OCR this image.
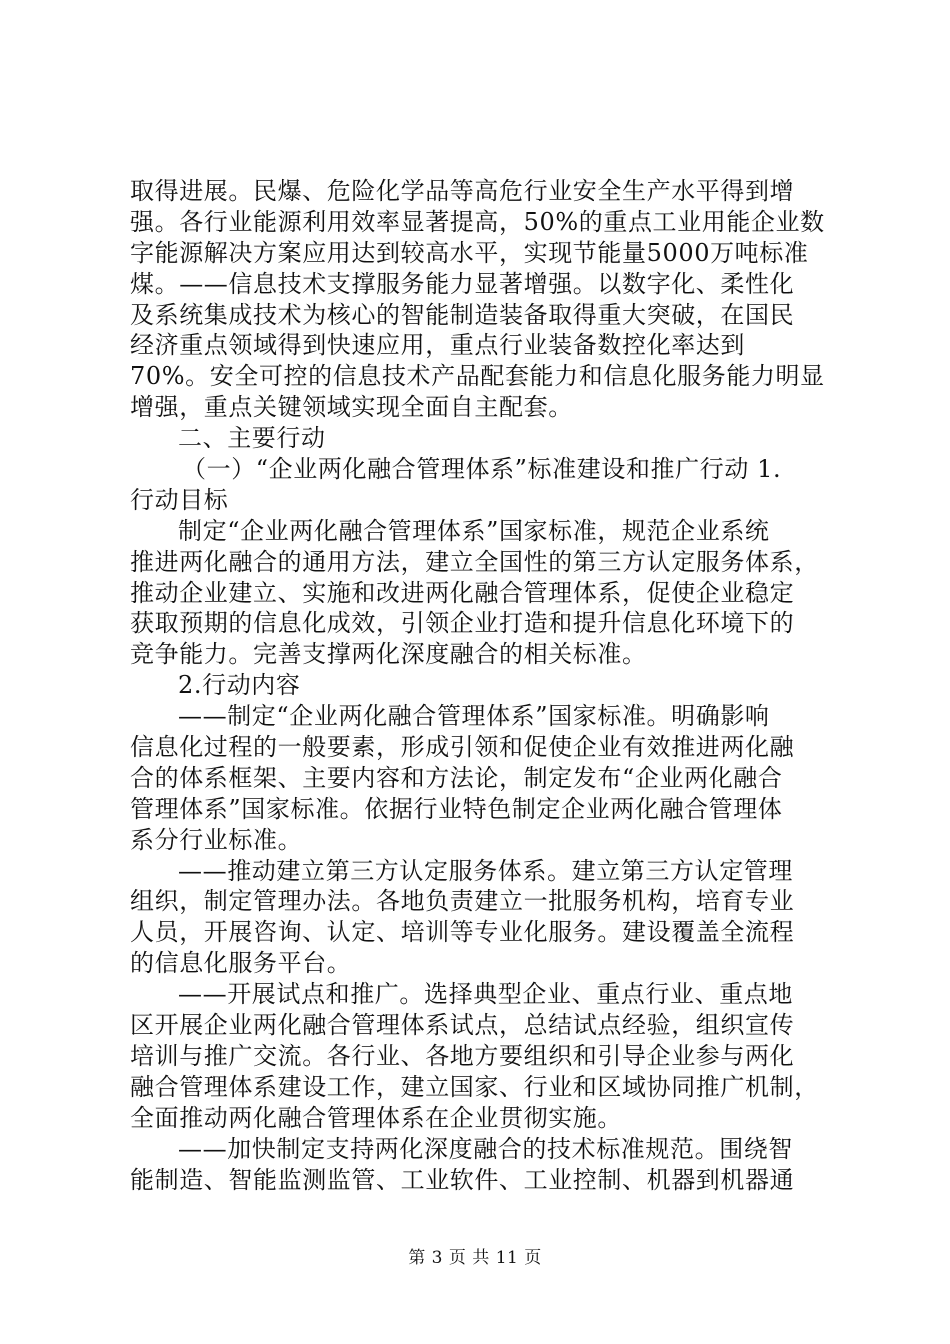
取得进展。民爆、危险化学品等高危行业安全生产水平得到增
强。各行业能源利用效率显著提高，50%的重点工业用能企业数
字能源解决方案应用达到较高水平，实现节能量5000万吨标准
煤。——信息技术支撑服务能力显著增强。以数字化、柔性化
及系统集成技术为核心的智能制造装备取得重大突破，在国民
经济重点领域得到快速应用，重点行业装备数控化率达到
70%。安全可控的信息技术产品配套能力和信息化服务能力明显
增强，重点关键领域实现全面自主配套。
二、主要行动
（一）“企业两化融合管理体系”标准建设和推广行动 1.
行动目标
制定“企业两化融合管理体系”国家标准，规范企业系统
推进两化融合的通用方法，建立全国性的第三方认定服务体系，
推动企业建立、实施和改进两化融合管理体系，促使企业稳定
获取预期的信息化成效，引领企业打造和提升信息化环境下的
竞争能力。完善支撑两化深度融合的相关标准。
2.行动内容
——制定“企业两化融合管理体系”国家标准。明确影响
信息化过程的一般要素，形成引领和促使企业有效推进两化融
合的体系框架、主要内容和方法论，制定发布“企业两化融合
管理体系”国家标准。依据行业特色制定企业两化融合管理体
系分行业标准。
——推动建立第三方认定服务体系。建立第三方认定管理
组织，制定管理办法。各地负责建立一批服务机构，培育专业
人员，开展咨询、认定、培训等专业化服务。建设覆盖全流程
的信息化服务平台。
——开展试点和推广。选择典型企业、重点行业、重点地
区开展企业两化融合管理体系试点，总结试点经验，组织宣传
培训与推广交流。各行业、各地方要组织和引导企业参与两化
融合管理体系建设工作，建立国家、行业和区域协同推广机制，
全面推动两化融合管理体系在企业贯彻实施。
——加快制定支持两化深度融合的技术标准规范。围绕智
能制造、智能监测监管、工业软件、工业控制、机器到机器通
第 3 页 共 11 页
